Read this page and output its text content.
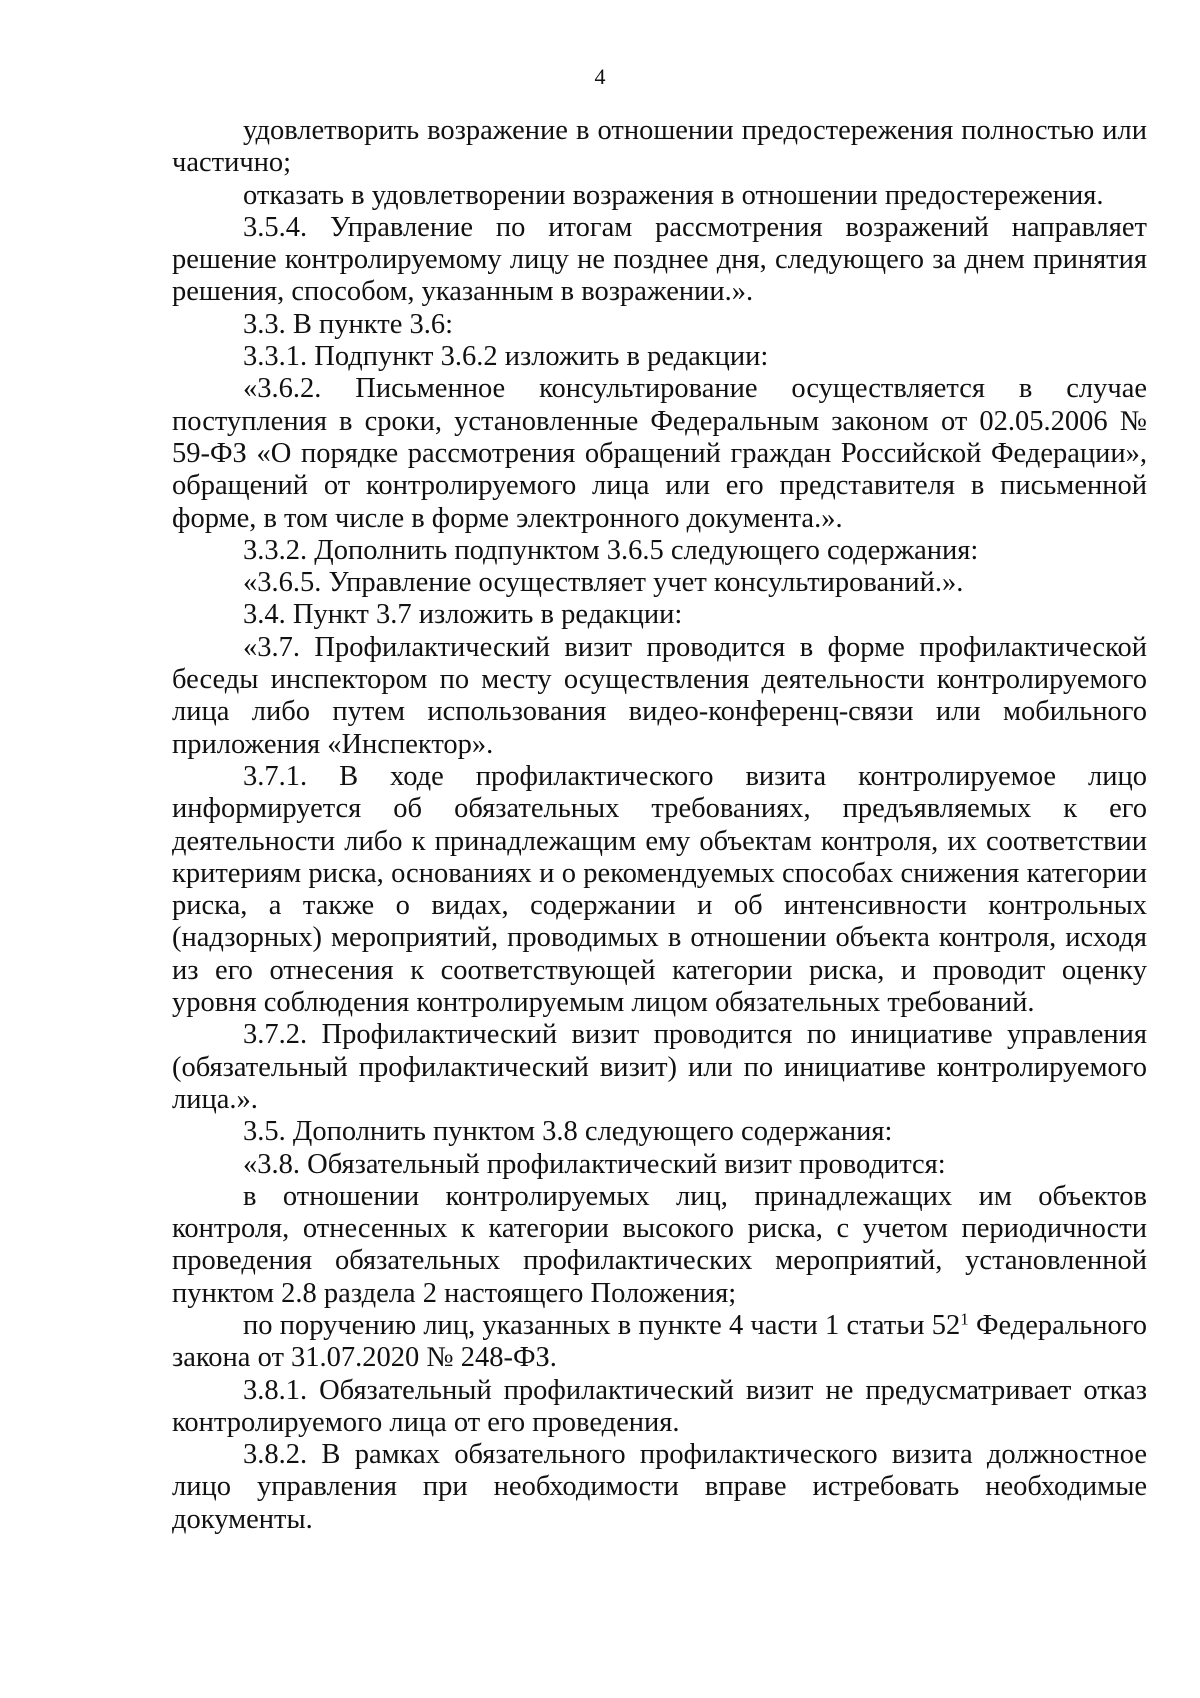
4

удовлетворить возражение в отношении предостережения полностью или частично;

отказать в удовлетворении возражения в отношении предостережения.

3.5.4. Управление по итогам рассмотрения возражений направляет решение контролируемому лицу не позднее дня, следующего за днем принятия решения, способом, указанным в возражении.».

3.3. В пункте 3.6:

3.3.1. Подпункт 3.6.2 изложить в редакции:

«3.6.2. Письменное консультирование осуществляется в случае поступления в сроки, установленные Федеральным законом от 02.05.2006 № 59-ФЗ «О порядке рассмотрения обращений граждан Российской Федерации», обращений от контролируемого лица или его представителя в письменной форме, в том числе в форме электронного документа.».

3.3.2. Дополнить подпунктом 3.6.5 следующего содержания:

«3.6.5. Управление осуществляет учет консультирований.».

3.4. Пункт 3.7 изложить в редакции:

«3.7. Профилактический визит проводится в форме профилактической беседы инспектором по месту осуществления деятельности контролируемого лица либо путем использования видео-конференц-связи или мобильного приложения «Инспектор».

3.7.1. В ходе профилактического визита контролируемое лицо информируется об обязательных требованиях, предъявляемых к его деятельности либо к принадлежащим ему объектам контроля, их соответствии критериям риска, основаниях и о рекомендуемых способах снижения категории риска, а также о видах, содержании и об интенсивности контрольных (надзорных) мероприятий, проводимых в отношении объекта контроля, исходя из его отнесения к соответствующей категории риска, и проводит оценку уровня соблюдения контролируемым лицом обязательных требований.

3.7.2. Профилактический визит проводится по инициативе управления (обязательный профилактический визит) или по инициативе контролируемого лица.».

3.5. Дополнить пунктом 3.8 следующего содержания:

«3.8. Обязательный профилактический визит проводится:

в отношении контролируемых лиц, принадлежащих им объектов контроля, отнесенных к категории высокого риска, с учетом периодичности проведения обязательных профилактических мероприятий, установленной пунктом 2.8 раздела 2 настоящего Положения;

по поручению лиц, указанных в пункте 4 части 1 статьи $52^1$ Федерального закона от 31.07.2020 № 248-ФЗ.

3.8.1. Обязательный профилактический визит не предусматривает отказ контролируемого лица от его проведения.

3.8.2. В рамках обязательного профилактического визита должностное лицо управления при необходимости вправе истребовать необходимые документы.
